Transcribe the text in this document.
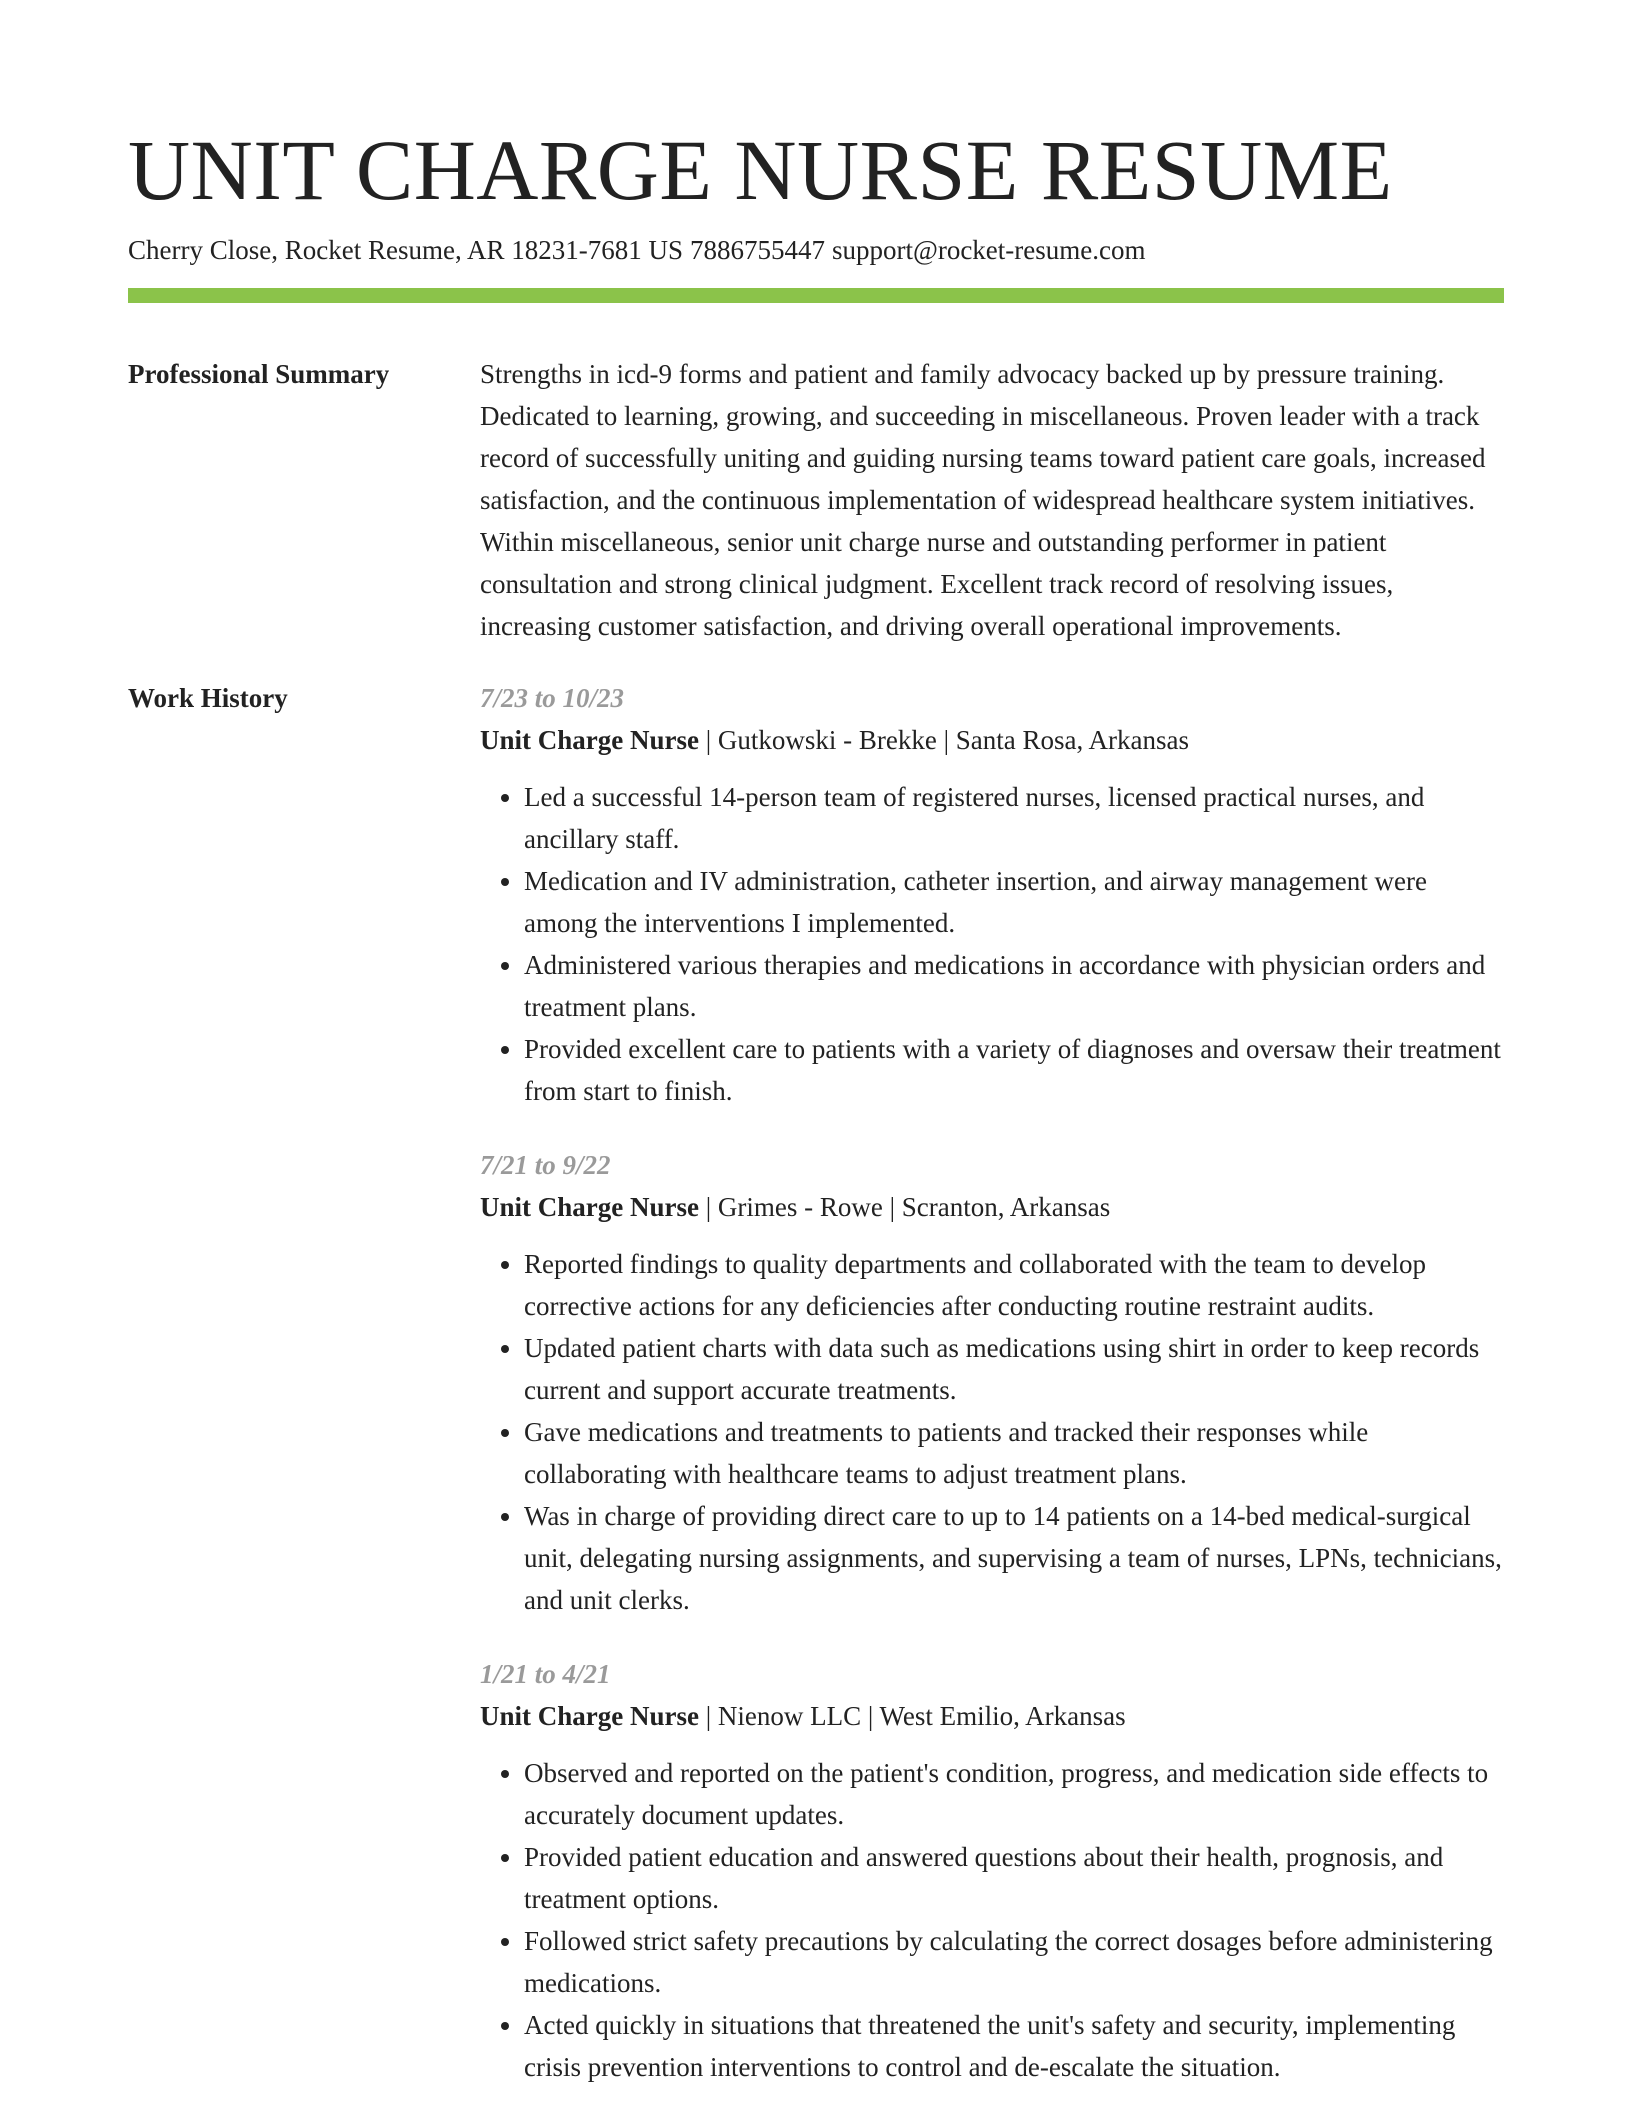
UNIT CHARGE NURSE RESUME
Cherry Close, Rocket Resume, AR 18231-7681 US 7886755447 support@rocket-resume.com
Professional Summary	Strengths in icd-9 forms and patient and family advocacy backed up by pressure training. Dedicated to learning, growing, and succeeding in miscellaneous. Proven leader with a track record of successfully uniting and guiding nursing teams toward patient care goals, increased satisfaction, and the continuous implementation of widespread healthcare system initiatives. Within miscellaneous, senior unit charge nurse and outstanding performer in patient consultation and strong clinical judgment. Excellent track record of resolving issues, increasing customer satisfaction, and driving overall operational improvements.

Work History	7/23 to 10/23
Unit Charge Nurse | Gutkowski - Brekke | Santa Rosa, Arkansas
• Led a successful 14-person team of registered nurses, licensed practical nurses, and ancillary staff.
• Medication and IV administration, catheter insertion, and airway management were among the interventions I implemented.
• Administered various therapies and medications in accordance with physician orders and treatment plans.
• Provided excellent care to patients with a variety of diagnoses and oversaw their treatment from start to finish.
7/21 to 9/22
Unit Charge Nurse | Grimes - Rowe | Scranton, Arkansas
• Reported findings to quality departments and collaborated with the team to develop corrective actions for any deficiencies after conducting routine restraint audits.
• Updated patient charts with data such as medications using shirt in order to keep records current and support accurate treatments.
• Gave medications and treatments to patients and tracked their responses while collaborating with healthcare teams to adjust treatment plans.
• Was in charge of providing direct care to up to 14 patients on a 14-bed medical-surgical unit, delegating nursing assignments, and supervising a team of nurses, LPNs, technicians, and unit clerks.
1/21 to 4/21
Unit Charge Nurse | Nienow LLC | West Emilio, Arkansas
• Observed and reported on the patient's condition, progress, and medication side effects to accurately document updates.
• Provided patient education and answered questions about their health, prognosis, and treatment options.
• Followed strict safety precautions by calculating the correct dosages before administering medications.
• Acted quickly in situations that threatened the unit's safety and security, implementing crisis prevention interventions to control and de-escalate the situation.
